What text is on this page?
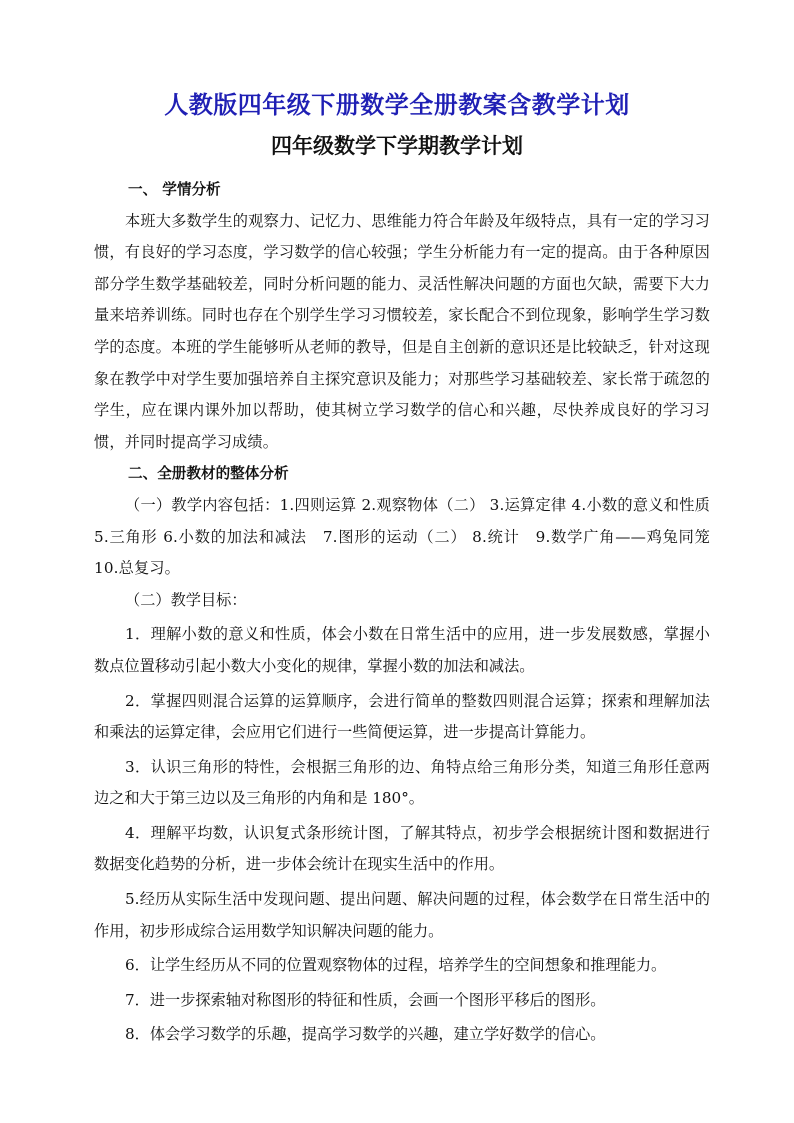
人教版四年级下册数学全册教案含教学计划
四年级数学下学期教学计划
一、 学情分析
本班大多数学生的观察力、记忆力、思维能力符合年龄及年级特点，具有一定的学习习惯，有良好的学习态度，学习数学的信心较强；学生分析能力有一定的提高。由于各种原因部分学生数学基础较差，同时分析问题的能力、灵活性解决问题的方面也欠缺，需要下大力量来培养训练。同时也存在个别学生学习习惯较差，家长配合不到位现象，影响学生学习数学的态度。本班的学生能够听从老师的教导，但是自主创新的意识还是比较缺乏，针对这现象在教学中对学生要加强培养自主探究意识及能力；对那些学习基础较差、家长常于疏忽的学生，应在课内课外加以帮助，使其树立学习数学的信心和兴趣，尽快养成良好的学习习惯，并同时提高学习成绩。
二、全册教材的整体分析
（一）教学内容包括：1.四则运算 2.观察物体（二） 3.运算定律 4.小数的意义和性质 5.三角形 6.小数的加法和减法　7.图形的运动（二） 8.统计　9.数学广角——鸡兔同笼 10.总复习。
（二）教学目标：
1．理解小数的意义和性质，体会小数在日常生活中的应用，进一步发展数感，掌握小数点位置移动引起小数大小变化的规律，掌握小数的加法和减法。
2．掌握四则混合运算的运算顺序，会进行简单的整数四则混合运算；探索和理解加法和乘法的运算定律，会应用它们进行一些简便运算，进一步提高计算能力。
3．认识三角形的特性，会根据三角形的边、角特点给三角形分类，知道三角形任意两边之和大于第三边以及三角形的内角和是 180°。
4．理解平均数，认识复式条形统计图，了解其特点，初步学会根据统计图和数据进行数据变化趋势的分析，进一步体会统计在现实生活中的作用。
5.经历从实际生活中发现问题、提出问题、解决问题的过程，体会数学在日常生活中的作用，初步形成综合运用数学知识解决问题的能力。
6．让学生经历从不同的位置观察物体的过程，培养学生的空间想象和推理能力。
7．进一步探索轴对称图形的特征和性质，会画一个图形平移后的图形。
8．体会学习数学的乐趣，提高学习数学的兴趣，建立学好数学的信心。
